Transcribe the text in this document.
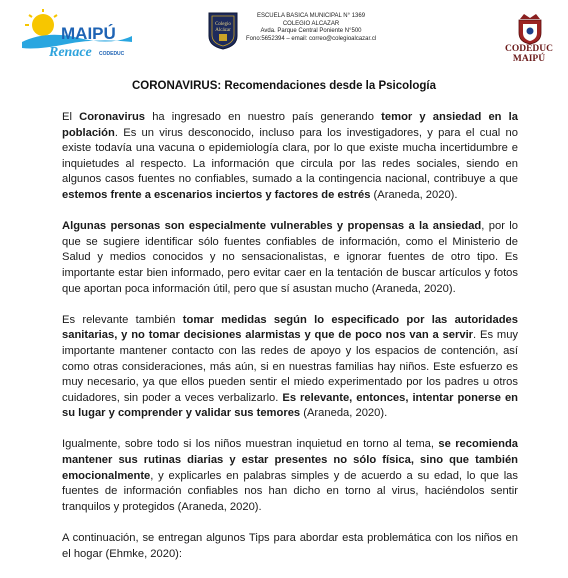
MAIPÚ
Renace CODEDUC
Colegio
Alcázar
ESCUELA BASICA MUNICIPAL N° 1369
COLEGIO ALCAZAR
Avda. Parque Central Poniente N°500
Fono:5652394 – email: correo@colegioalcazar.cl
CODEDUC
MAIPÚ
CORONAVIRUS: Recomendaciones desde la Psicología

El Coronavirus ha ingresado en nuestro país generando temor y ansiedad en la población. Es un virus desconocido, incluso para los investigadores, y para el cual no existe todavía una vacuna o epidemiología clara, por lo que existe mucha incertidumbre e inquietudes al respecto. La información que circula por las redes sociales, siendo en algunos casos fuentes no confiables, sumado a la contingencia nacional, contribuye a que estemos frente a escenarios inciertos y factores de estrés (Araneda, 2020).

Algunas personas son especialmente vulnerables y propensas a la ansiedad, por lo que se sugiere identificar sólo fuentes confiables de información, como el Ministerio de Salud y medios conocidos y no sensacionalistas, e ignorar fuentes de otro tipo. Es importante estar bien informado, pero evitar caer en la tentación de buscar artículos y fotos que aportan poca información útil, pero que sí asustan mucho (Araneda, 2020).

Es relevante también tomar medidas según lo especificado por las autoridades sanitarias, y no tomar decisiones alarmistas y que de poco nos van a servir. Es muy importante mantener contacto con las redes de apoyo y los espacios de contención, así como otras consideraciones, más aún, si en nuestras familias hay niños. Este esfuerzo es muy necesario, ya que ellos pueden sentir el miedo experimentado por los padres u otros cuidadores, sin poder a veces verbalizarlo. Es relevante, entonces, intentar ponerse en su lugar y comprender y validar sus temores (Araneda, 2020).

Igualmente, sobre todo si los niños muestran inquietud en torno al tema, se recomienda mantener sus rutinas diarias y estar presentes no sólo física, sino que también emocionalmente, y explicarles en palabras simples y de acuerdo a su edad, lo que las fuentes de información confiables nos han dicho en torno al virus, haciéndolos sentir tranquilos y protegidos (Araneda, 2020).

A continuación, se entregan algunos Tips para abordar esta problemática con los niños en el hogar (Ehmke, 2020):
